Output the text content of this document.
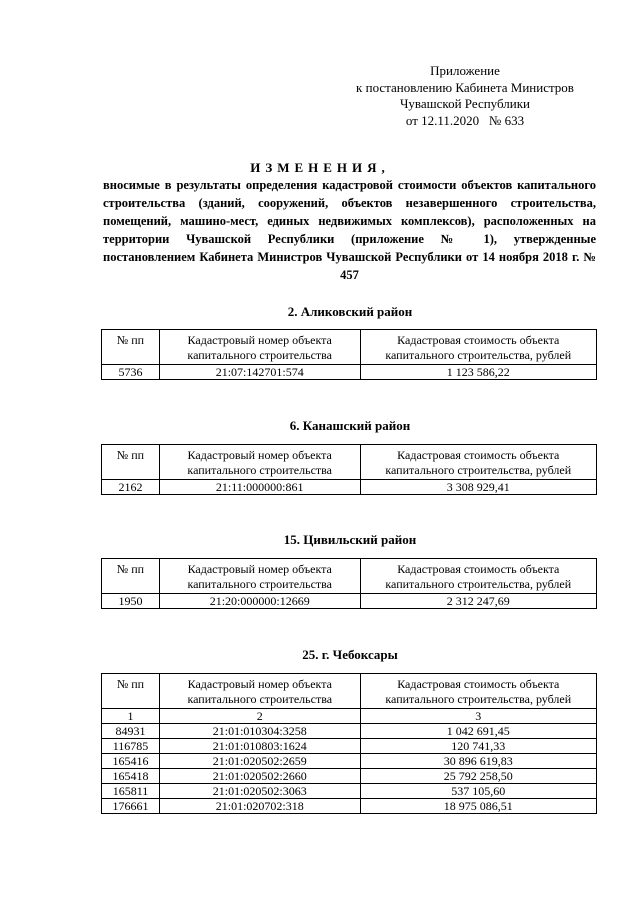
Приложение
к постановлению Кабинета Министров
Чувашской Республики
от 12.11.2020   № 633
ИЗМЕНЕНИЯ,
вносимые в результаты определения кадастровой стоимости объектов капитального строительства (зданий, сооружений, объектов незавершенного строительства, помещений, машино-мест, единых недвижимых комплексов), расположенных на территории Чувашской Республики (приложение № 1), утвержденные постановлением Кабинета Министров Чувашской Республики от 14 ноября 2018 г. № 457
2. Аликовский район
№ пп	Кадастровый номер объекта капитального строительства	Кадастровая стоимость объекта капитального строительства, рублей
5736	21:07:142701:574	1 123 586,22
6. Канашский район
№ пп	Кадастровый номер объекта капитального строительства	Кадастровая стоимость объекта капитального строительства, рублей
2162	21:11:000000:861	3 308 929,41
15. Цивильский район
№ пп	Кадастровый номер объекта капитального строительства	Кадастровая стоимость объекта капитального строительства, рублей
1950	21:20:000000:12669	2 312 247,69
25. г. Чебоксары
№ пп	Кадастровый номер объекта капитального строительства	Кадастровая стоимость объекта капитального строительства, рублей
1	2	3
84931	21:01:010304:3258	1 042 691,45
116785	21:01:010803:1624	120 741,33
165416	21:01:020502:2659	30 896 619,83
165418	21:01:020502:2660	25 792 258,50
165811	21:01:020502:3063	537 105,60
176661	21:01:020702:318	18 975 086,51
